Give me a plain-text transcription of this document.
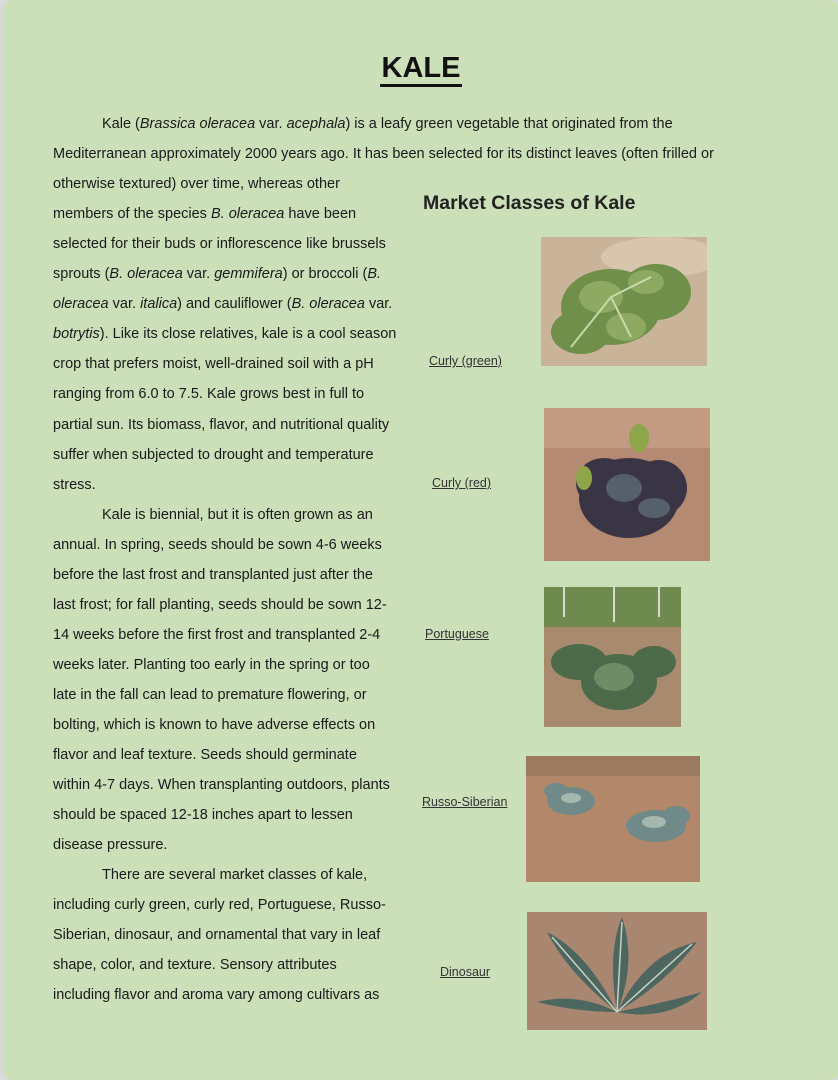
KALE
Kale (Brassica oleracea var. acephala) is a leafy green vegetable that originated from the
Mediterranean approximately 2000 years ago. It has been selected for its distinct leaves (often frilled or
otherwise textured) over time, whereas other
members of the species B. oleracea have been
selected for their buds or inflorescence like brussels
sprouts (B. oleracea var. gemmifera) or broccoli (B.
oleracea var. italica) and cauliflower (B. oleracea var.
botrytis). Like its close relatives, kale is a cool season
crop that prefers moist, well-drained soil with a pH
ranging from 6.0 to 7.5. Kale grows best in full to
partial sun. Its biomass, flavor, and nutritional quality
suffer when subjected to drought and temperature
stress.
Kale is biennial, but it is often grown as an
annual. In spring, seeds should be sown 4-6 weeks
before the last frost and transplanted just after the
last frost; for fall planting, seeds should be sown 12-
14 weeks before the first frost and transplanted 2-4
weeks later. Planting too early in the spring or too
late in the fall can lead to premature flowering, or
bolting, which is known to have adverse effects on
flavor and leaf texture. Seeds should germinate
within 4-7 days. When transplanting outdoors, plants
should be spaced 12-18 inches apart to lessen
disease pressure.
There are several market classes of kale,
including curly green, curly red, Portuguese, Russo-
Siberian, dinosaur, and ornamental that vary in leaf
shape, color, and texture. Sensory attributes
including flavor and aroma vary among cultivars as
Market Classes of Kale
Curly (green)
Curly (red)
Portuguese
Russo-Siberian
Dinosaur
